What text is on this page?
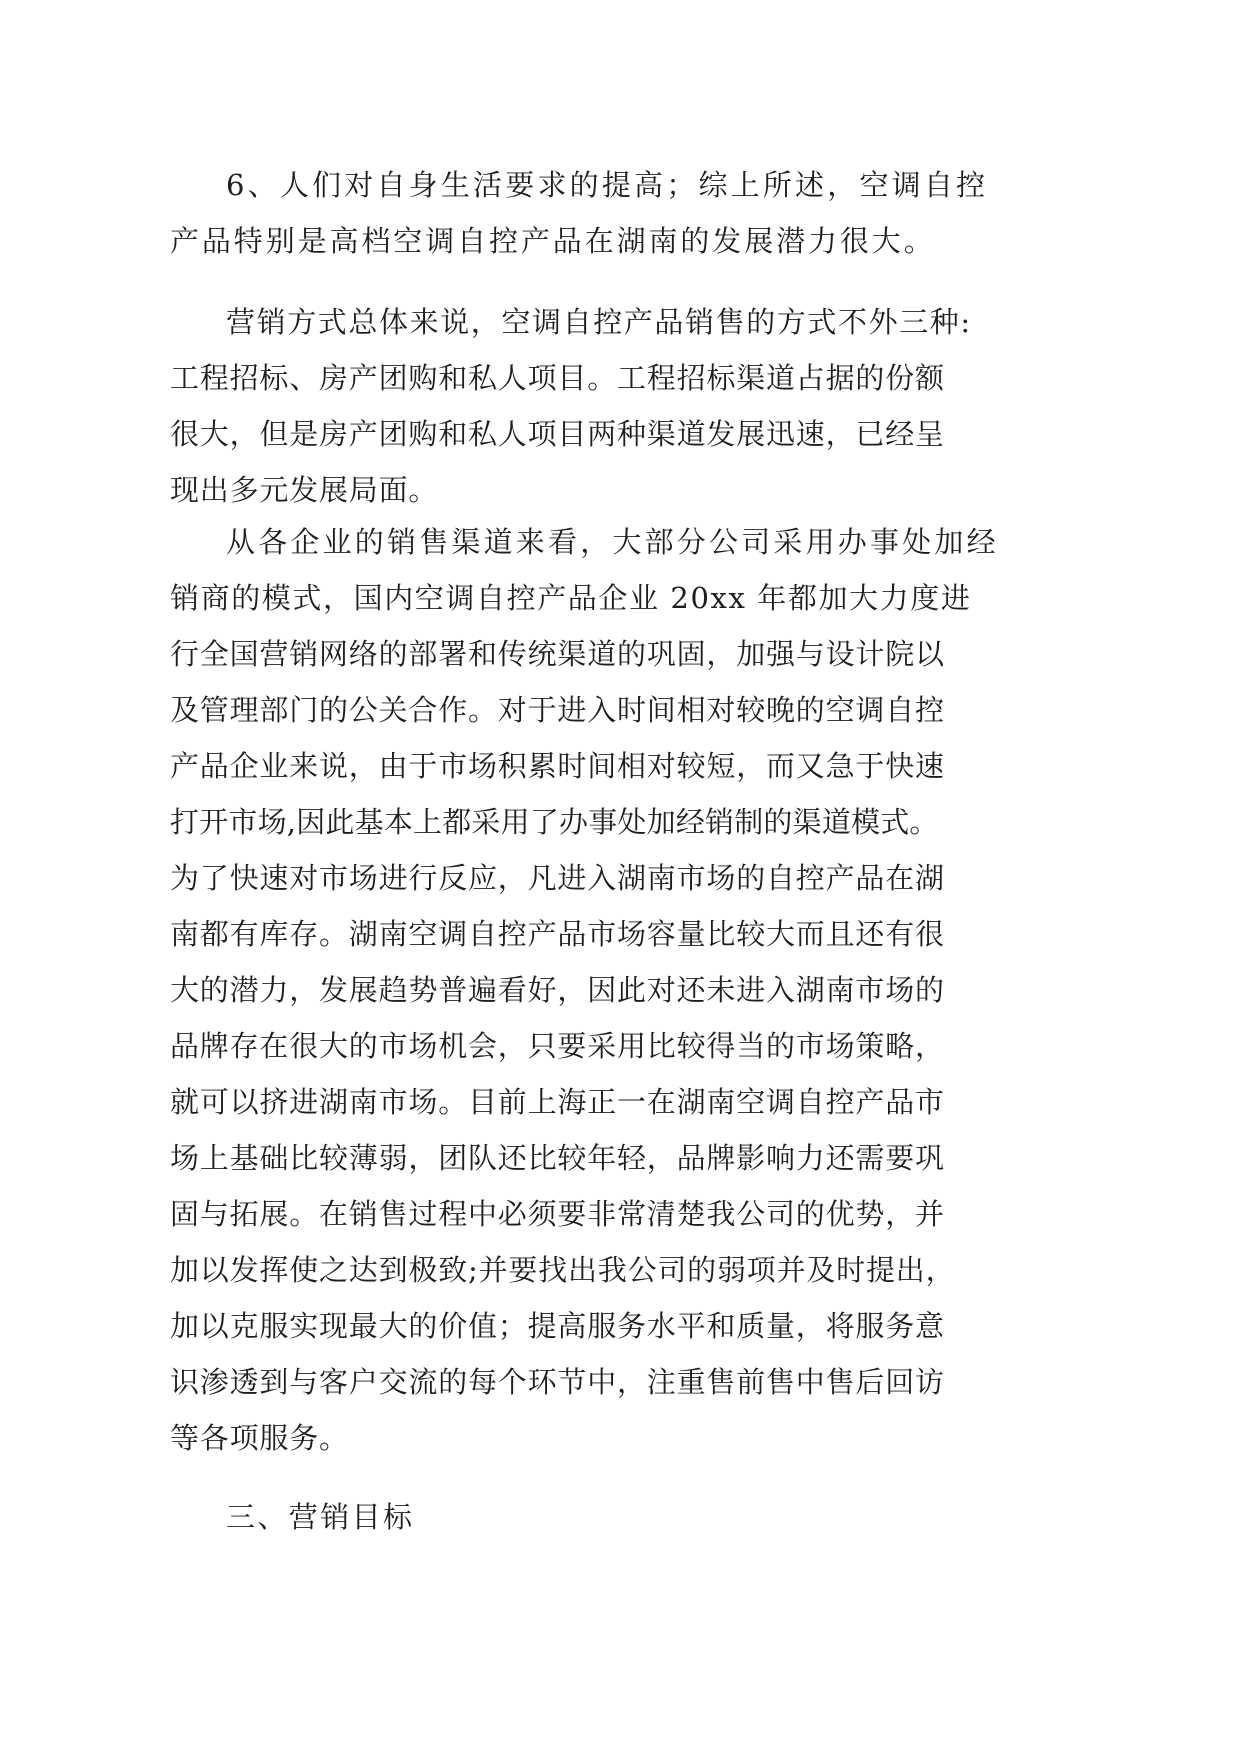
6、人们对自身生活要求的提高；综上所述，空调自控

产品特别是高档空调自控产品在湖南的发展潜力很大。

营销方式总体来说，空调自控产品销售的方式不外三种:

工程招标、房产团购和私人项目。工程招标渠道占据的份额

很大，但是房产团购和私人项目两种渠道发展迅速，已经呈

现出多元发展局面。

从各企业的销售渠道来看，大部分公司采用办事处加经

销商的模式，国内空调自控产品企业 20xx 年都加大力度进

行全国营销网络的部署和传统渠道的巩固，加强与设计院以

及管理部门的公关合作。对于进入时间相对较晚的空调自控

产品企业来说，由于市场积累时间相对较短，而又急于快速

打开市场,因此基本上都采用了办事处加经销制的渠道模式。

为了快速对市场进行反应，凡进入湖南市场的自控产品在湖

南都有库存。湖南空调自控产品市场容量比较大而且还有很

大的潜力，发展趋势普遍看好，因此对还未进入湖南市场的

品牌存在很大的市场机会，只要采用比较得当的市场策略，

就可以挤进湖南市场。目前上海正一在湖南空调自控产品市

场上基础比较薄弱，团队还比较年轻，品牌影响力还需要巩

固与拓展。在销售过程中必须要非常清楚我公司的优势，并

加以发挥使之达到极致;并要找出我公司的弱项并及时提出，

加以克服实现最大的价值；提高服务水平和质量，将服务意

识渗透到与客户交流的每个环节中，注重售前售中售后回访

等各项服务。

三、营销目标
